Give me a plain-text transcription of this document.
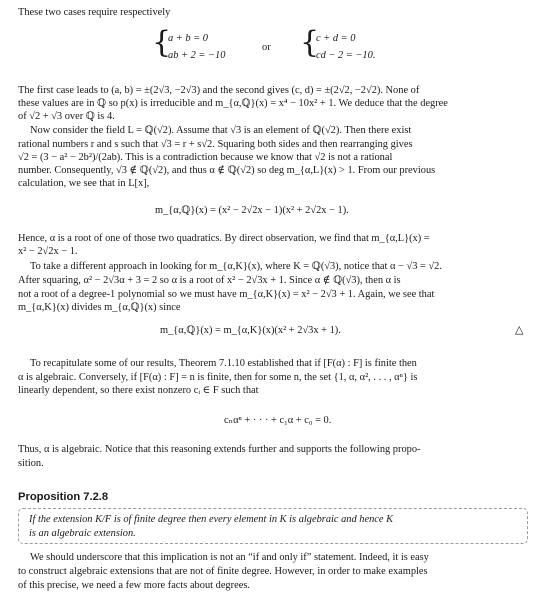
These two cases require respectively
{
a + b = 0
ab + 2 = −10
or {
c + d = 0
cd − 2 = −10.
The first case leads to (a, b) = ±(2√3, −2√3) and the second gives (c, d) = ±(2√2, −2√2). None of
these values are in ℚ so p(x) is irreducible and m_{α,ℚ}(x) = x⁴ − 10x² + 1. We deduce that the degree
of √2 + √3 over ℚ is 4.
Now consider the field L = ℚ(√2). Assume that √3 is an element of ℚ(√2). Then there exist
rational numbers r and s such that √3 = r + s√2. Squaring both sides and then rearranging gives
√2 = (3 − a² − 2b²)/(2ab). This is a contradiction because we know that √2 is not a rational
number. Consequently, √3 ∉ ℚ(√2), and thus α ∉ ℚ(√2) so deg m_{α,L}(x) > 1. From our previous
calculation, we see that in L[x],
m_{α,ℚ}(x) = (x² − 2√2x − 1)(x² + 2√2x − 1).
Hence, α is a root of one of those two quadratics. By direct observation, we find that m_{α,L}(x) =
x² − 2√2x − 1.
To take a different approach in looking for m_{α,K}(x), where K = ℚ(√3), notice that α − √3 = √2.
After squaring, α² − 2√3α + 3 = 2 so α is a root of x² − 2√3x + 1. Since α ∉ ℚ(√3), then α is
not a root of a degree-1 polynomial so we must have m_{α,K}(x) = x² − 2√3 + 1. Again, we see that
m_{α,K}(x) divides m_{α,ℚ}(x) since
m_{α,ℚ}(x) = m_{α,K}(x)(x² + 2√3x + 1).	△
To recapitulate some of our results, Theorem 7.1.10 established that if [F(α) : F] is finite then
α is algebraic. Conversely, if [F(α) : F] = n is finite, then for some n, the set {1, α, α², . . . , αⁿ} is
linearly dependent, so there exist nonzero cᵢ ∈ F such that
cₙαⁿ + · · · + c₁α + c₀ = 0.
Thus, α is algebraic. Notice that this reasoning extends further and supports the following propo-
sition.
Proposition 7.2.8
If the extension K/F is of finite degree then every element in K is algebraic and hence K
is an algebraic extension.
We should underscore that this implication is not an “if and only if” statement. Indeed, it is easy
to construct algebraic extensions that are not of finite degree. However, in order to make examples
of this precise, we need a few more facts about degrees.
